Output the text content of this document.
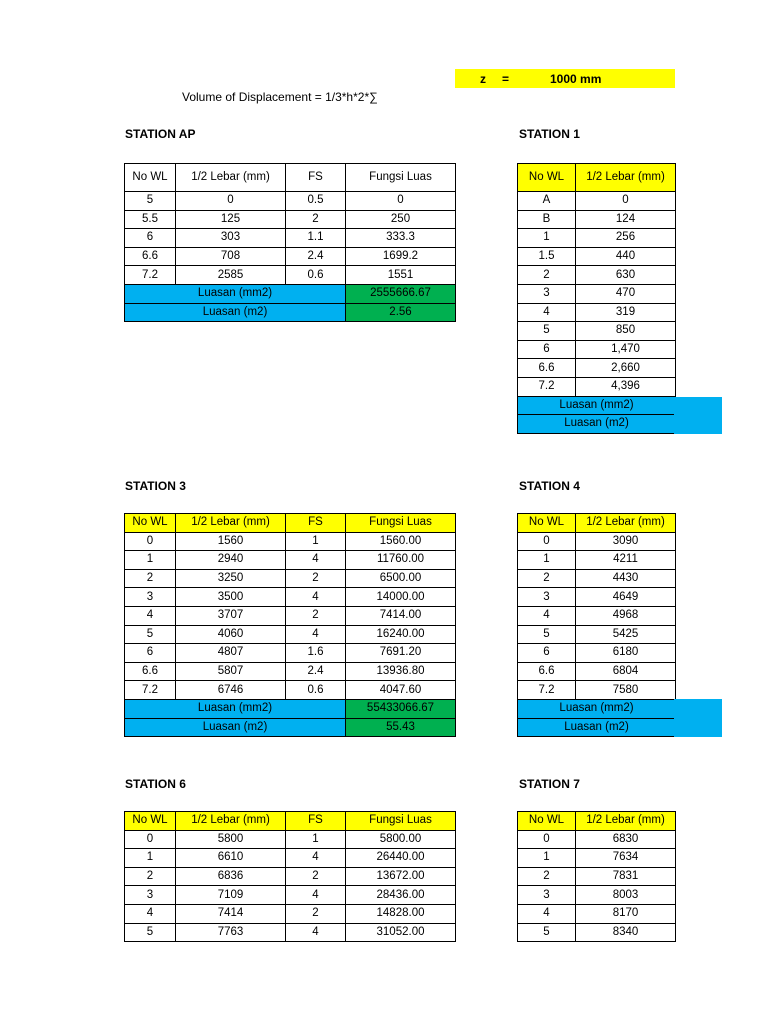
z =	1000 mm
Volume of Displacement = 1/3*h*2*∑
STATION AP	STATION 1
STATION 3	STATION 4
STATION 6	STATION 7
No WL	1/2 Lebar (mm)	FS	Fungsi Luas
5	0	0.5	0
5.5	125	2	250
6	303	1.1	333.3
6.6	708	2.4	1699.2
7.2	2585	0.6	1551
Luasan (mm2)			2555666.67
Luasan (m2)			2.56
No WL	1/2 Lebar (mm)
A	0
B	124
1	256
1.5	440
2	630
3	470
4	319
5	850
6	1,470
6.6	2,660
7.2	4,396
Luasan (mm2)	
Luasan (m2)	
No WL	1/2 Lebar (mm)	FS	Fungsi Luas
0	1560	1	1560.00
1	2940	4	11760.00
2	3250	2	6500.00
3	3500	4	14000.00
4	3707	2	7414.00
5	4060	4	16240.00
6	4807	1.6	7691.20
6.6	5807	2.4	13936.80
7.2	6746	0.6	4047.60
Luasan (mm2)			55433066.67
Luasan (m2)			55.43
No WL	1/2 Lebar (mm)
0	3090
1	4211
2	4430
3	4649
4	4968
5	5425
6	6180
6.6	6804
7.2	7580
Luasan (mm2)	
Luasan (m2)	
No WL	1/2 Lebar (mm)	FS	Fungsi Luas
0	5800	1	5800.00
1	6610	4	26440.00
2	6836	2	13672.00
3	7109	4	28436.00
4	7414	2	14828.00
5	7763	4	31052.00
No WL	1/2 Lebar (mm)
0	6830
1	7634
2	7831
3	8003
4	8170
5	8340
